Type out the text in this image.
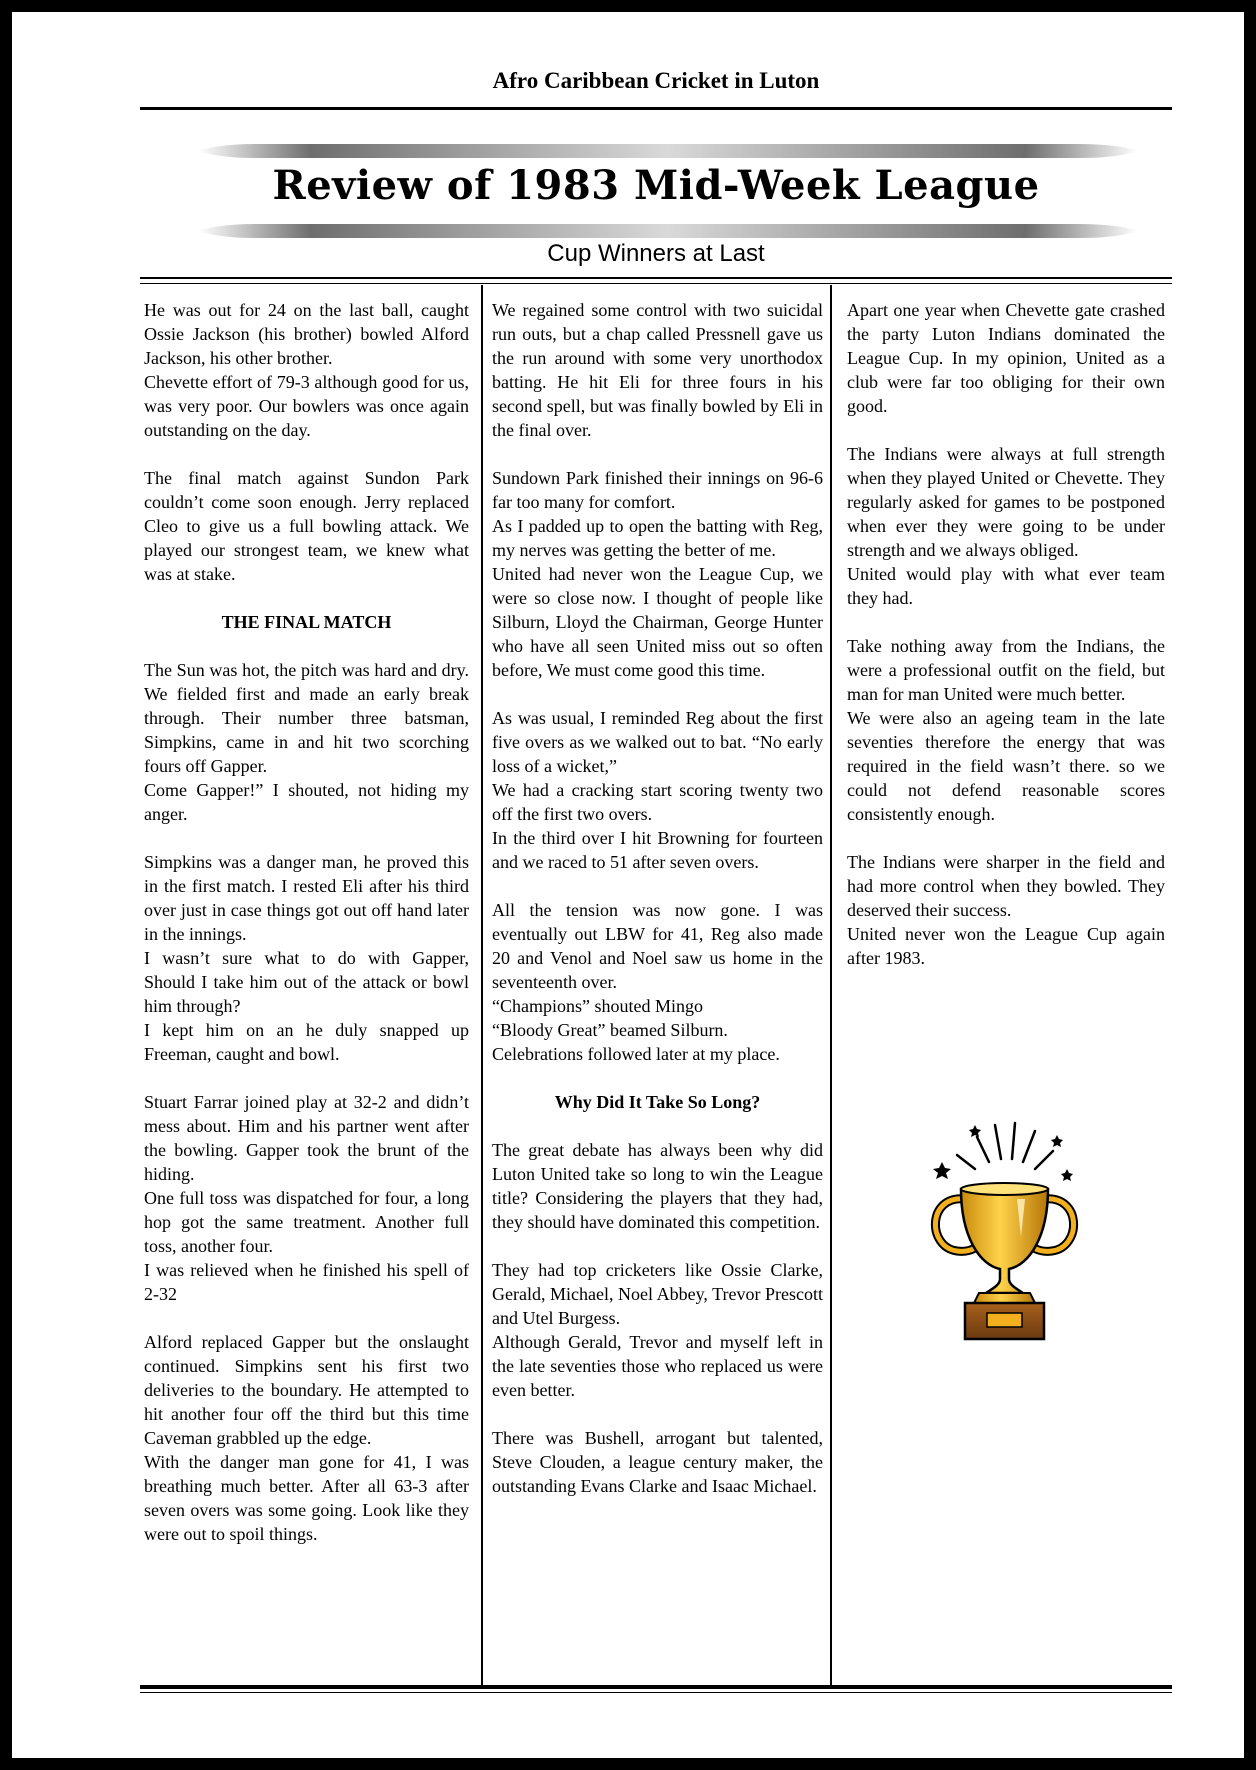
Afro Caribbean Cricket in Luton
Review of 1983 Mid-Week League
Cup Winners at Last

He was out for 24 on the last ball, caught Ossie Jackson (his brother) bowled Alford Jackson, his other brother.

Chevette effort of 79-3 although good for us, was very poor. Our bowlers was once again outstanding on the day.

The final match against Sundon Park couldn’t come soon enough. Jerry replaced Cleo to give us a full bowling attack. We played our strongest team, we knew what was at stake.

THE FINAL MATCH

The Sun was hot, the pitch was hard and dry. We fielded first and made an early break through. Their number three batsman, Simpkins, came in and hit two scorching fours off Gapper.

Come Gapper!” I shouted, not hiding my anger.

Simpkins was a danger man, he proved this in the first match. I rested Eli after his third over just in case things got out off hand later in the innings.

I wasn’t sure what to do with Gapper, Should I take him out of the attack or bowl him through?

I kept him on an he duly snapped up Freeman, caught and bowl.

Stuart Farrar joined play at 32-2 and didn’t mess about. Him and his partner went after the bowling. Gapper took the brunt of the hiding.

One full toss was dispatched for four, a long hop got the same treatment. Another full toss, another four.

I was relieved when he finished his spell of 2-32

Alford replaced Gapper but the onslaught continued. Simpkins sent his first two deliveries to the boundary. He attempted to hit another four off the third but this time Caveman grabbled up the edge.

With the danger man gone for 41, I was breathing much better. After all 63-3 after seven overs was some going. Look like they were out to spoil things.

We regained some control with two suicidal run outs, but a chap called Pressnell gave us the run around with some very unorthodox batting. He hit Eli for three fours in his second spell, but was finally bowled by Eli in the final over.

Sundown Park finished their innings on 96-6 far too many for comfort.

As I padded up to open the batting with Reg, my nerves was getting the better of me.

United had never won the League Cup, we were so close now. I thought of people like Silburn, Lloyd the Chairman, George Hunter who have all seen United miss out so often before, We must come good this time.

As was usual, I reminded Reg about the first five overs as we walked out to bat. “No early loss of a wicket,”

We had a cracking start scoring twenty two off the first two overs.

In the third over I hit Browning for fourteen and we raced to 51 after seven overs.

All the tension was now gone. I was eventually out LBW for 41, Reg also made 20 and Venol and Noel saw us home in the seventeenth over.

“Champions” shouted Mingo

“Bloody Great” beamed Silburn.

Celebrations followed later at my place.

Why Did It Take So Long?

The great debate has always been why did Luton United take so long to win the League title? Considering the players that they had, they should have dominated this competition.

They had top cricketers like Ossie Clarke, Gerald, Michael, Noel Abbey, Trevor Prescott and Utel Burgess.

Although Gerald, Trevor and myself left in the late seventies those who replaced us were even better.

There was Bushell, arrogant but talented, Steve Clouden, a league century maker, the outstanding Evans Clarke and Isaac Michael.

Apart one year when Chevette gate crashed the party Luton Indians dominated the League Cup. In my opinion, United as a club were far too obliging for their own good.

The Indians were always at full strength when they played United or Chevette. They regularly asked for games to be postponed when ever they were going to be under strength and we always obliged.

United would play with what ever team they had.

Take nothing away from the Indians, the were a professional outfit on the field, but man for man United were much better.

We were also an ageing team in the late seventies therefore the energy that was required in the field wasn’t there. so we could not defend reasonable scores consistently enough.

The Indians were sharper in the field and had more control when they bowled. They deserved their success.

United never won the League Cup again after 1983.
